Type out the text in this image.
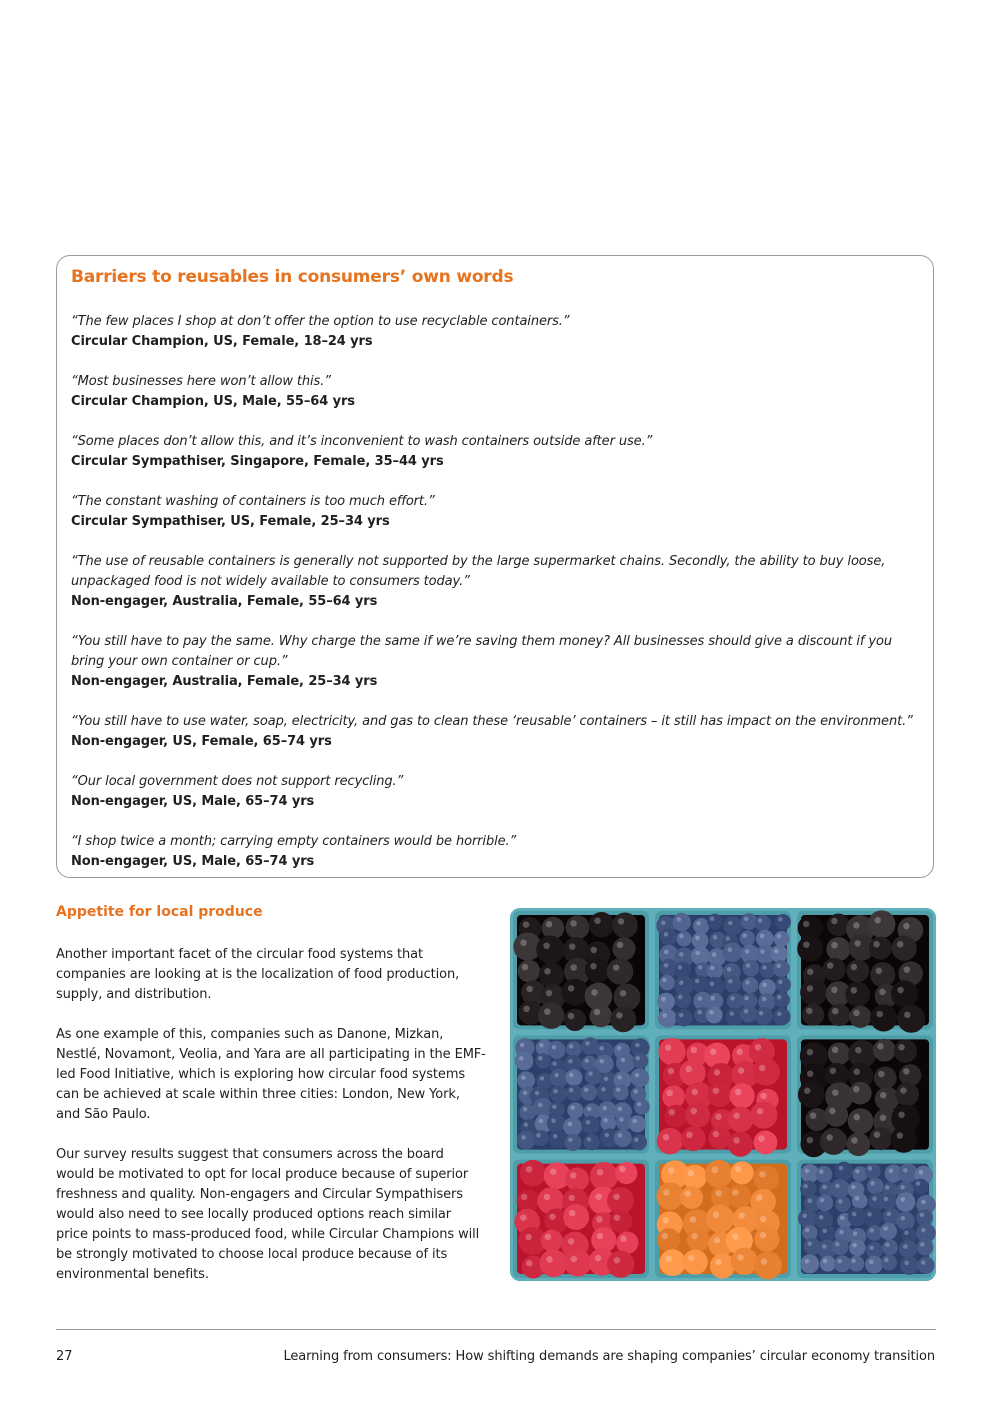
Barriers to reusables in consumers’ own words
“The few places I shop at don’t offer the option to use recyclable containers.”
Circular Champion, US, Female, 18–24 yrs
“Most businesses here won’t allow this.”
Circular Champion, US, Male, 55–64 yrs
“Some places don’t allow this, and it’s inconvenient to wash containers outside after use.”
Circular Sympathiser, Singapore, Female, 35–44 yrs
“The constant washing of containers is too much effort.”
Circular Sympathiser, US, Female, 25–34 yrs
“The use of reusable containers is generally not supported by the large supermarket chains. Secondly, the ability to buy loose, unpackaged food is not widely available to consumers today.”
Non-engager, Australia, Female, 55–64 yrs
“You still have to pay the same. Why charge the same if we’re saving them money? All businesses should give a discount if you bring your own container or cup.”
Non-engager, Australia, Female, 25–34 yrs
“You still have to use water, soap, electricity, and gas to clean these ‘reusable’ containers – it still has impact on the environment.”
Non-engager, US, Female, 65–74 yrs
“Our local government does not support recycling.”
Non-engager, US, Male, 65–74 yrs
“I shop twice a month; carrying empty containers would be horrible.”
Non-engager, US, Male, 65–74 yrs
Appetite for local produce

Another important facet of the circular food systems that companies are looking at is the localization of food production, supply, and distribution.

As one example of this, companies such as Danone, Mizkan, Nestlé, Novamont, Veolia, and Yara are all participating in the EMF-led Food Initiative, which is exploring how circular food systems can be achieved at scale within three cities: London, New York, and São Paulo.

Our survey results suggest that consumers across the board would be motivated to opt for local produce because of superior freshness and quality. Non-engagers and Circular Sympathisers would also need to see locally produced options reach similar price points to mass-produced food, while Circular Champions will be strongly motivated to choose local produce because of its environmental benefits.

27	Learning from consumers: How shifting demands are shaping companies’ circular economy transition
